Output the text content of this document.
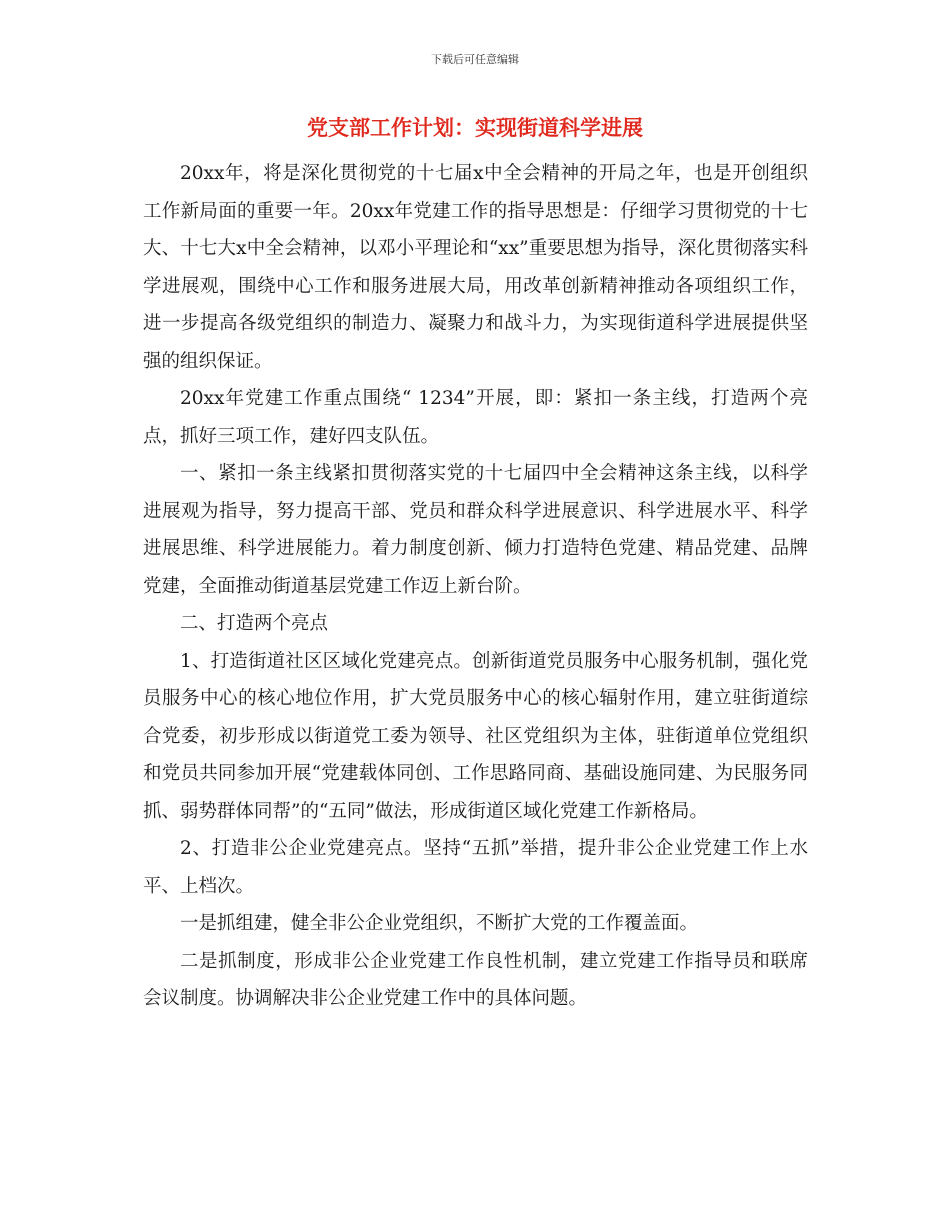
下载后可任意编辑
党支部工作计划：实现街道科学进展

20xx年，将是深化贯彻党的十七届x中全会精神的开局之年，也是开创组织工作新局面的重要一年。20xx年党建工作的指导思想是：仔细学习贯彻党的十七大、十七大x中全会精神，以邓小平理论和“xx”重要思想为指导，深化贯彻落实科学进展观，围绕中心工作和服务进展大局，用改革创新精神推动各项组织工作，进一步提高各级党组织的制造力、凝聚力和战斗力，为实现街道科学进展提供坚强的组织保证。

20xx年党建工作重点围绕“ 1234”开展，即：紧扣一条主线，打造两个亮点，抓好三项工作，建好四支队伍。

一、紧扣一条主线紧扣贯彻落实党的十七届四中全会精神这条主线，以科学进展观为指导，努力提高干部、党员和群众科学进展意识、科学进展水平、科学进展思维、科学进展能力。着力制度创新、倾力打造特色党建、精品党建、品牌党建，全面推动街道基层党建工作迈上新台阶。

二、打造两个亮点

1、打造街道社区区域化党建亮点。创新街道党员服务中心服务机制，强化党员服务中心的核心地位作用，扩大党员服务中心的核心辐射作用，建立驻街道综合党委，初步形成以街道党工委为领导、社区党组织为主体，驻街道单位党组织和党员共同参加开展“党建载体同创、工作思路同商、基础设施同建、为民服务同抓、弱势群体同帮”的“五同”做法，形成街道区域化党建工作新格局。

2、打造非公企业党建亮点。坚持“五抓”举措，提升非公企业党建工作上水平、上档次。

一是抓组建，健全非公企业党组织，不断扩大党的工作覆盖面。

二是抓制度，形成非公企业党建工作良性机制，建立党建工作指导员和联席会议制度。协调解决非公企业党建工作中的具体问题。
